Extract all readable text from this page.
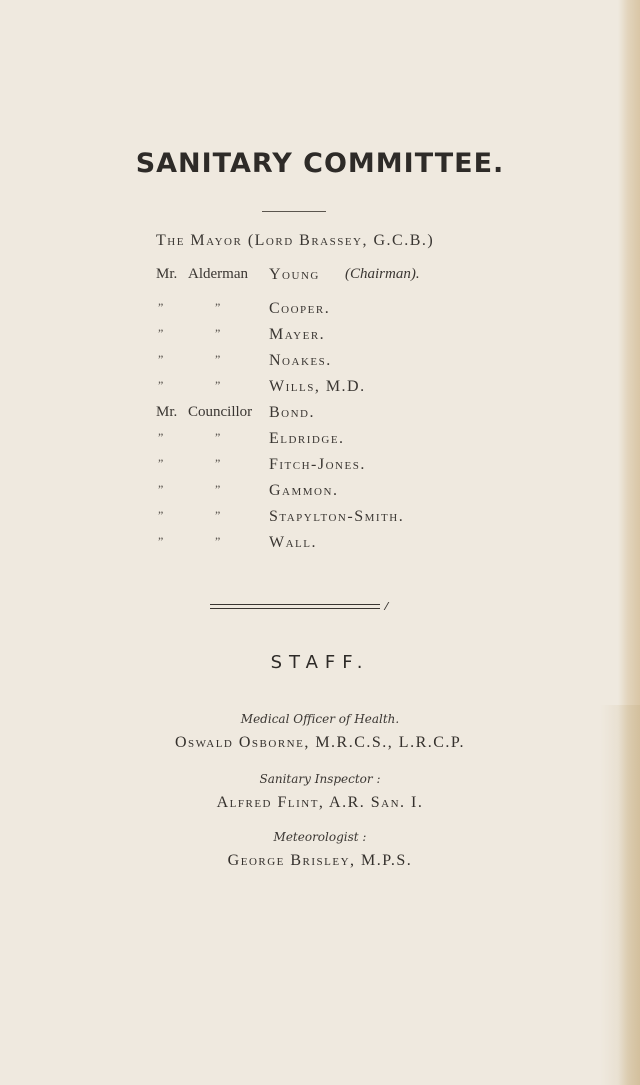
SANITARY COMMITTEE.
The Mayor (Lord Brassey, G.C.B.)
Mr. Alderman Young (Chairman).
”	”	Cooper.
”	”	Mayer.
”	”	Noakes.
”	”	Wills, M.D.
Mr. Councillor Bond.
”	”	Eldridge.
”	”	Fitch-Jones.
”	”	Gammon.
”	”	Stapylton-Smith.
”	”	Wall.
STAFF.
Medical Officer of Health.
Oswald Osborne, M.R.C.S., L.R.C.P.
Sanitary Inspector :
Alfred Flint, A.R. San. I.
Meteorologist :
George Brisley, M.P.S.
